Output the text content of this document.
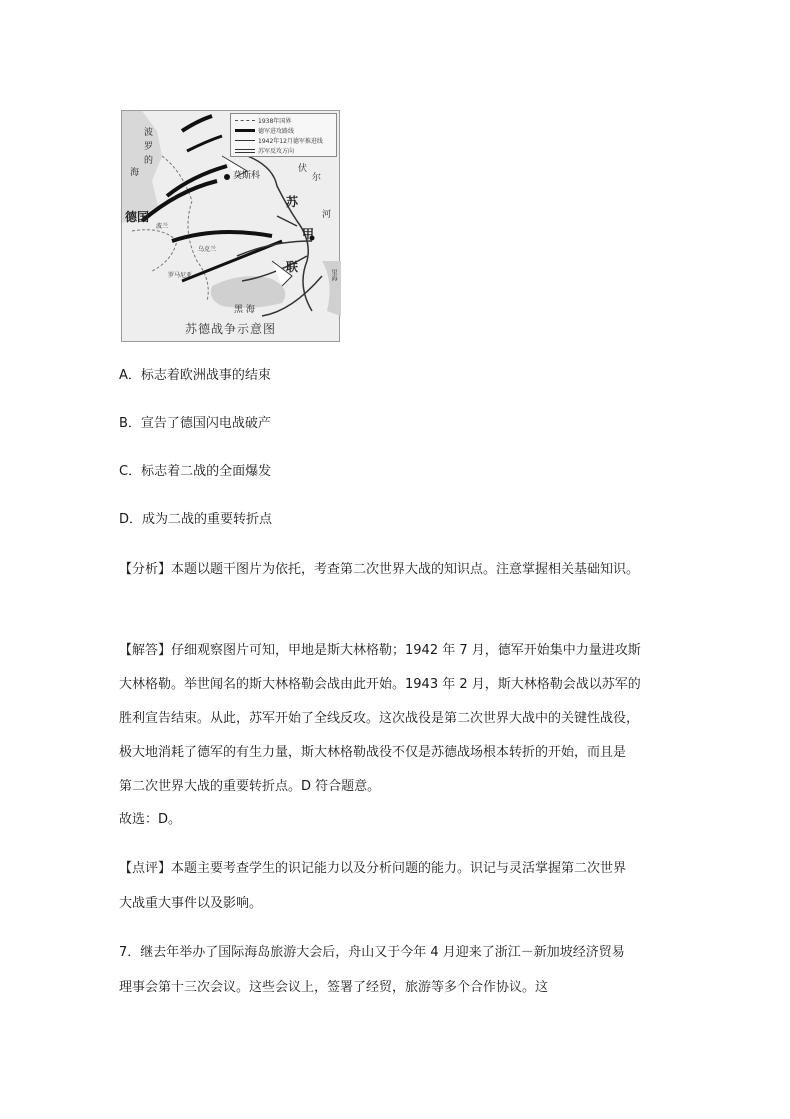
1938年国界
德军进攻路线
1942年12月德军推进线
苏军反攻方向
波
罗
的
海
德国
波兰
乌克兰
罗马尼亚
黑 海
莫斯科
伏
尔
河
苏
甲
联
里海
苏德战争示意图
A．标志着欧洲战事的结束
B．宣告了德国闪电战破产
C．标志着二战的全面爆发
D．成为二战的重要转折点
【分析】本题以题干图片为依托，考查第二次世界大战的知识点。注意掌握相关基础知识。
【解答】仔细观察图片可知，甲地是斯大林格勒；1942 年 7 月，德军开始集中力量进攻斯
大林格勒。举世闻名的斯大林格勒会战由此开始。1943 年 2 月，斯大林格勒会战以苏军的
胜利宣告结束。从此，苏军开始了全线反攻。这次战役是第二次世界大战中的关键性战役，
极大地消耗了德军的有生力量，斯大林格勒战役不仅是苏德战场根本转折的开始，而且是
第二次世界大战的重要转折点。D 符合题意。
故选：D。
【点评】本题主要考查学生的识记能力以及分析问题的能力。识记与灵活掌握第二次世界
大战重大事件以及影响。
7．继去年举办了国际海岛旅游大会后，舟山又于今年 4 月迎来了浙江－新加坡经济贸易
理事会第十三次会议。这些会议上，签署了经贸，旅游等多个合作协议。这
